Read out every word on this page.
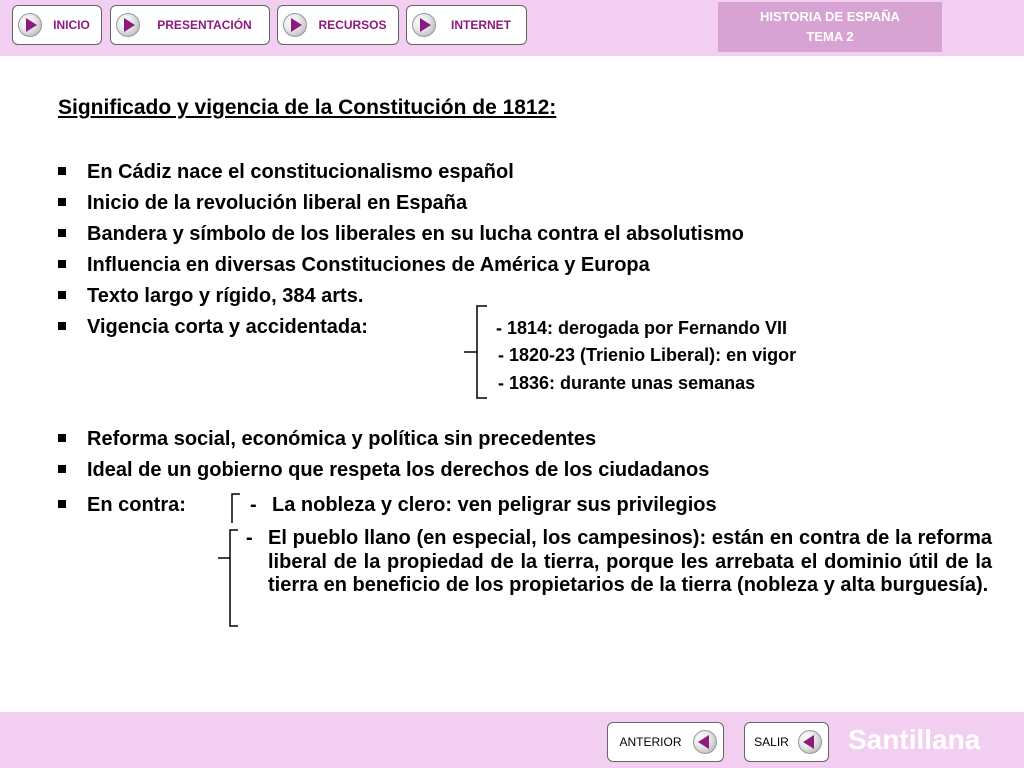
INICIO	PRESENTACIÓN	RECURSOS	INTERNET
HISTORIA DE ESPAÑA
TEMA 2
Significado y vigencia de la Constitución de 1812:
En Cádiz nace el constitucionalismo español
Inicio de la revolución liberal en España
Bandera y símbolo de los liberales en su lucha contra el absolutismo
Influencia en diversas Constituciones de América y Europa
Texto largo y rígido, 384 arts.
Vigencia corta y accidentada:	- 1814: derogada por Fernando VII
- 1820-23 (Trienio Liberal): en vigor
- 1836: durante unas semanas
Reforma social, económica y política sin precedentes
Ideal de un gobierno que respeta los derechos de los ciudadanos
En contra:	- La nobleza y clero: ven peligrar sus privilegios
- El pueblo llano (en especial, los campesinos): están en contra de la reforma liberal de la propiedad de la tierra, porque les arrebata el dominio útil de la tierra en beneficio de los propietarios de la tierra (nobleza y alta burguesía).
ANTERIOR	SALIR	Santillana
